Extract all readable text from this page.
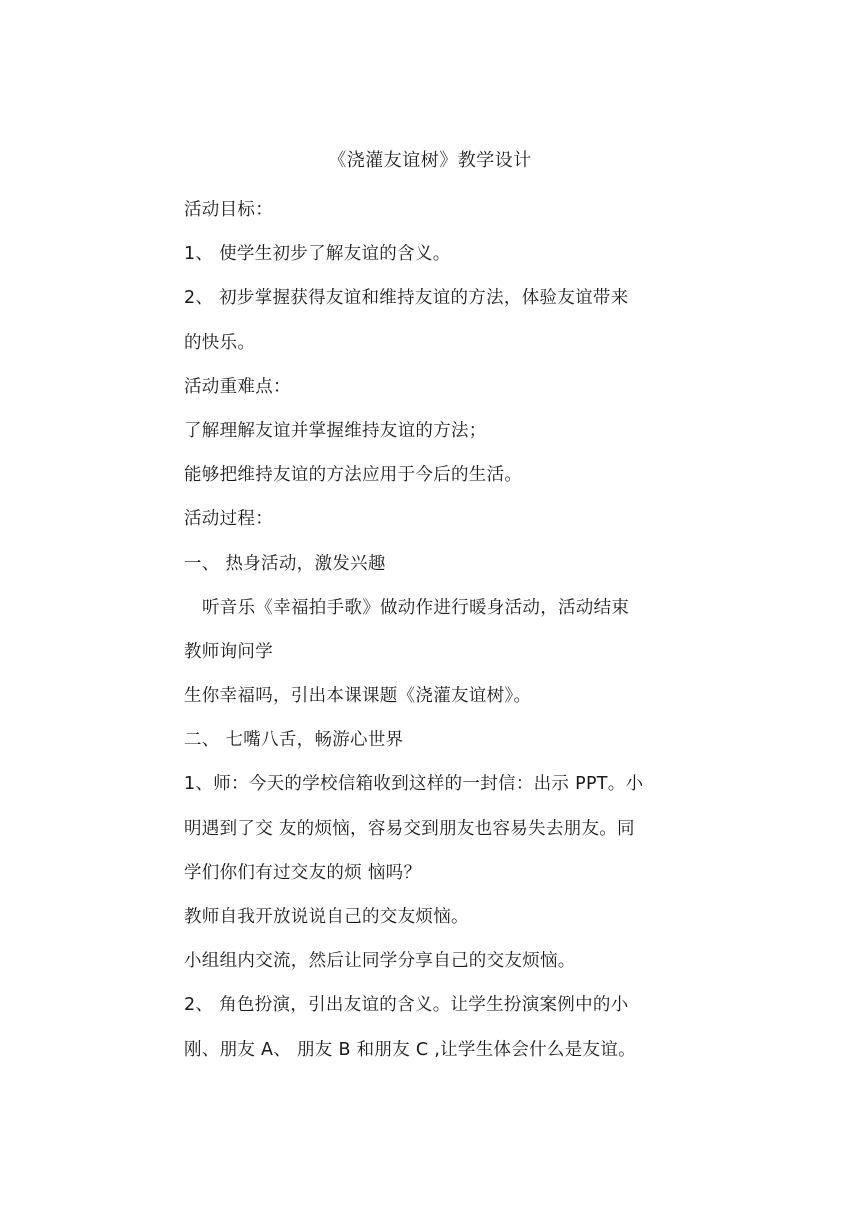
《浇灌友谊树》教学设计
活动目标：
1、 使学生初步了解友谊的含义。
2、 初步掌握获得友谊和维持友谊的方法，体验友谊带来
的快乐。
活动重难点：
了解理解友谊并掌握维持友谊的方法；
能够把维持友谊的方法应用于今后的生活。
活动过程：
一、 热身活动，激发兴趣
听音乐《幸福拍手歌》做动作进行暖身活动，活动结束
教师询问学
生你幸福吗，引出本课课题《浇灌友谊树》。
二、 七嘴八舌，畅游心世界
1、师：今天的学校信箱收到这样的一封信：出示 PPT。小
明遇到了交 友的烦恼，容易交到朋友也容易失去朋友。同
学们你们有过交友的烦 恼吗？
教师自我开放说说自己的交友烦恼。
小组组内交流，然后让同学分享自己的交友烦恼。
2、 角色扮演，引出友谊的含义。让学生扮演案例中的小
刚、朋友 A、 朋友 B 和朋友 C ,让学生体会什么是友谊。
